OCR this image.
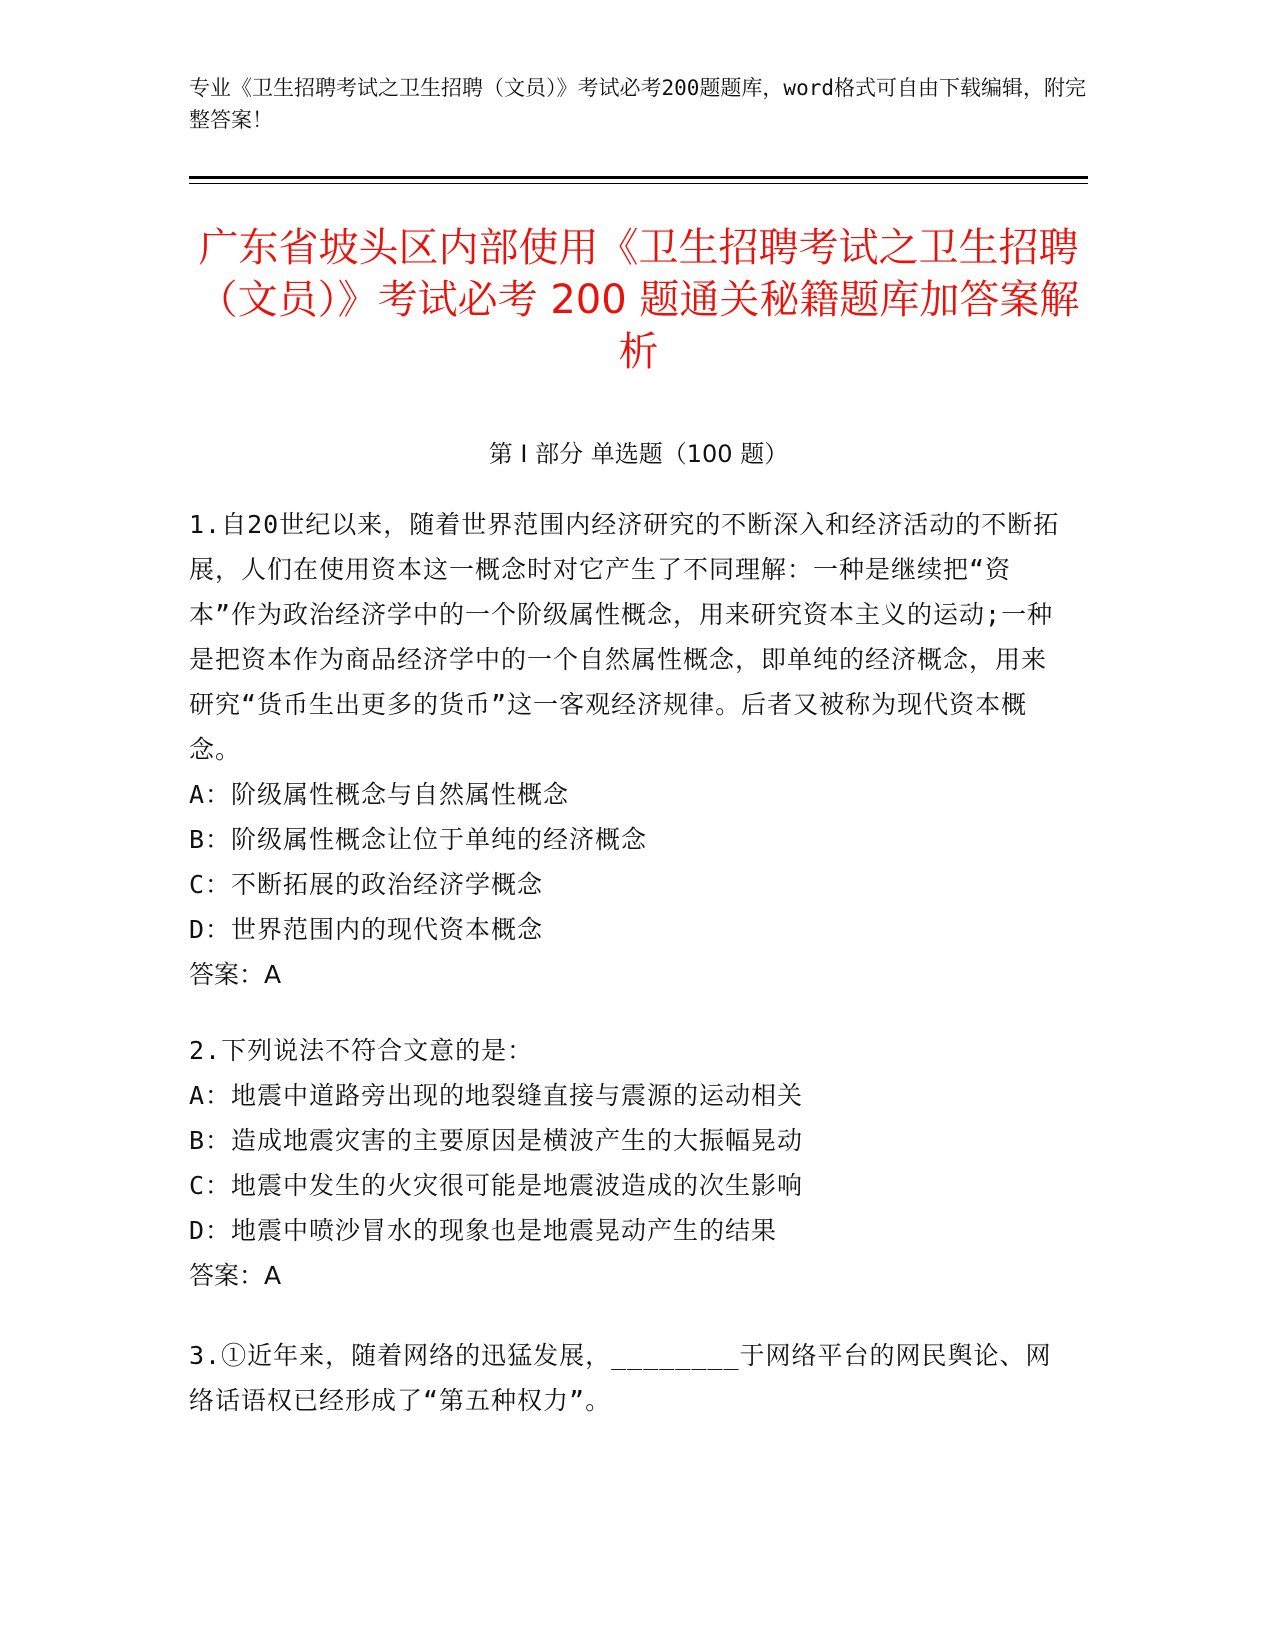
专业《卫生招聘考试之卫生招聘（文员）》考试必考200题题库，word格式可自由下载编辑，附完整答案！
广东省坡头区内部使用《卫生招聘考试之卫生招聘（文员）》考试必考 200 题通关秘籍题库加答案解析
第 I 部分 单选题（100 题）
1.自20世纪以来，随着世界范围内经济研究的不断深入和经济活动的不断拓展，人们在使用资本这一概念时对它产生了不同理解：一种是继续把“资本”作为政治经济学中的一个阶级属性概念，用来研究资本主义的运动;一种是把资本作为商品经济学中的一个自然属性概念，即单纯的经济概念，用来研究“货币生出更多的货币”这一客观经济规律。后者又被称为现代资本概念。
A：阶级属性概念与自然属性概念
B：阶级属性概念让位于单纯的经济概念
C：不断拓展的政治经济学概念
D：世界范围内的现代资本概念
答案：A
2.下列说法不符合文意的是：
A：地震中道路旁出现的地裂缝直接与震源的运动相关
B：造成地震灾害的主要原因是横波产生的大振幅晃动
C：地震中发生的火灾很可能是地震波造成的次生影响
D：地震中喷沙冒水的现象也是地震晃动产生的结果
答案：A
3.①近年来，随着网络的迅猛发展，________于网络平台的网民舆论、网络话语权已经形成了“第五种权力”。
